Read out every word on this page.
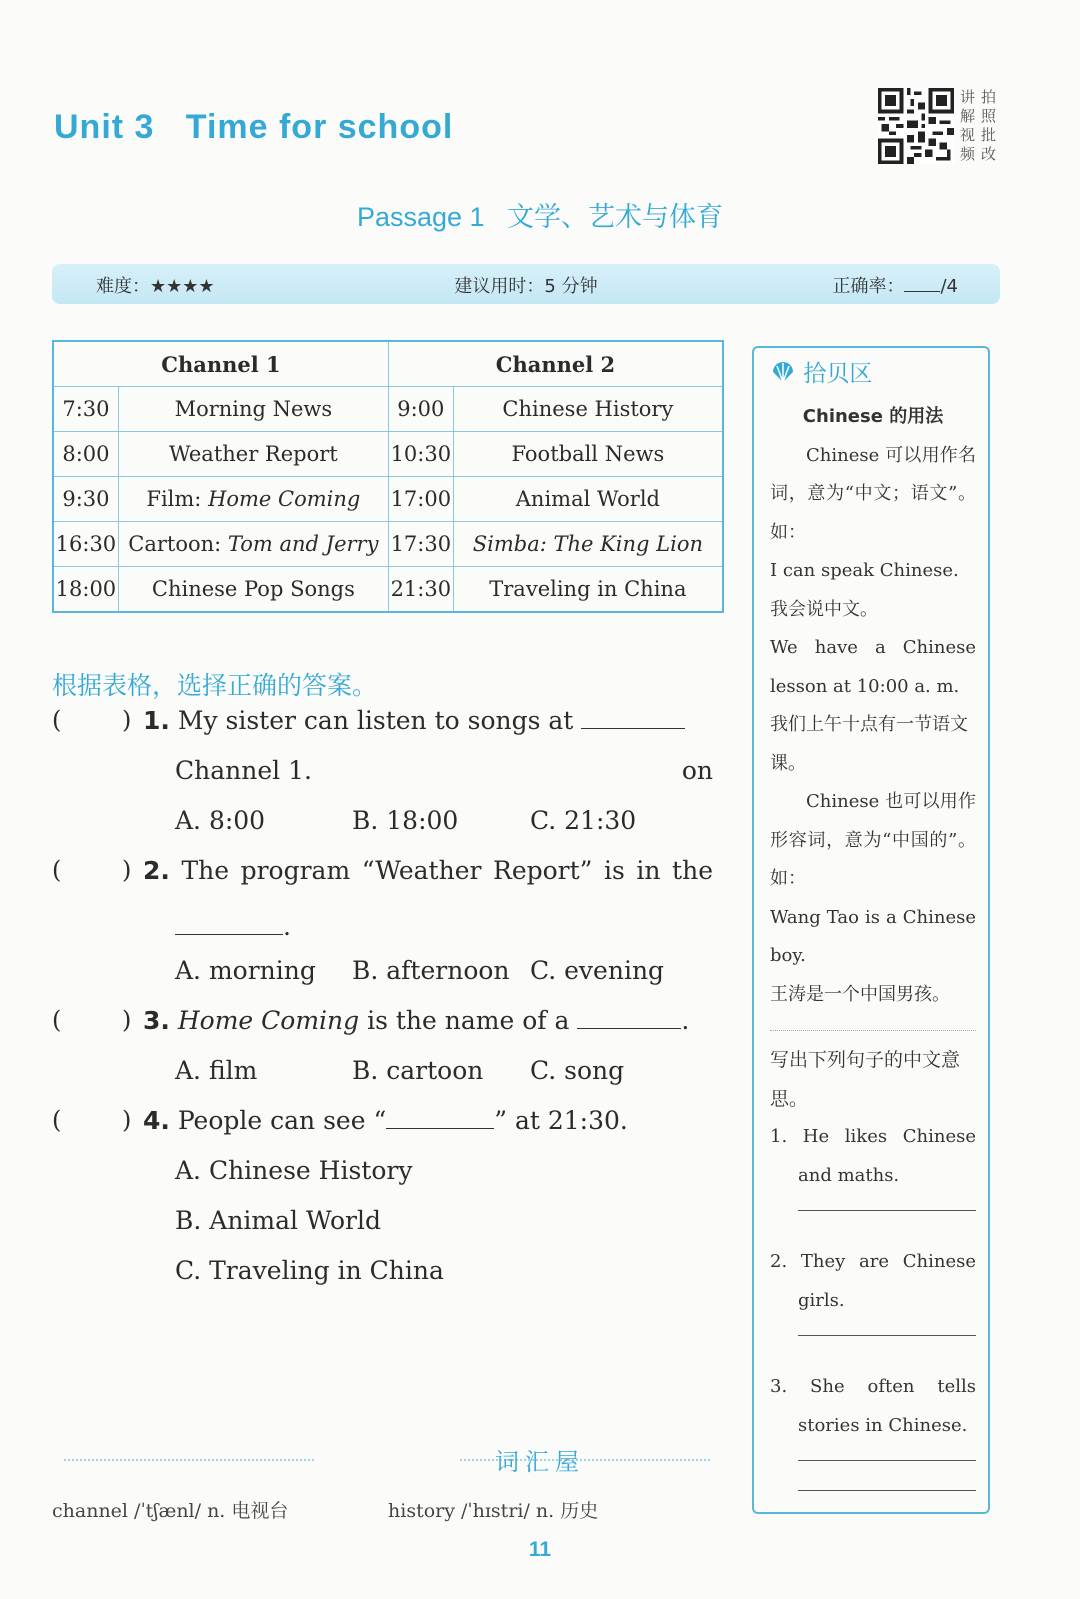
Unit 3   Time for school
讲 拍解 照视 批频 改
Passage 1   文学、艺术与体育
建议用时：5 分钟
难度：★★★★	正确率： /4
Channel 1		Channel 2	
7:30	Morning News	9:00	Chinese History
8:00	Weather Report	10:30	Football News
9:30	Film: Home Coming	17:00	Animal World
16:30	Cartoon: Tom and Jerry	17:30	Simba: The King Lion
18:00	Chinese Pop Songs	21:30	Traveling in China
根据表格，选择正确的答案。
(	) 1. My sister can listen to songs at
on
Channel 1.
A. 8:00	B. 18:00	C. 21:30
(	) 2. The program “Weather Report” is in the
.
A. morning B. afternoon C. evening
(	) 3. Home Coming is the name of a	.
A. film	B. cartoon C. song
(	) 4. People can see “	” at 21:30.
A. Chinese History
B. Animal World
C. Traveling in China
拾贝区

Chinese 的用法

Chinese 可以用作名词，意为“中文；语文”。如：

I can speak Chinese.

我会说中文。

We have a Chinese lesson at 10:00 a. m.

我们上午十点有一节语文课。

Chinese 也可以用作形容词，意为“中国的”。如：

Wang Tao is a Chinese boy.

王涛是一个中国男孩。

写出下列句子的中文意思。

1. He likes Chinese and maths.

2. They are Chinese girls.

3. She often tells stories in Chinese.

词汇屋
channel /ˈtʃænl/ n. 电视台	history /ˈhɪstri/ n. 历史
11
